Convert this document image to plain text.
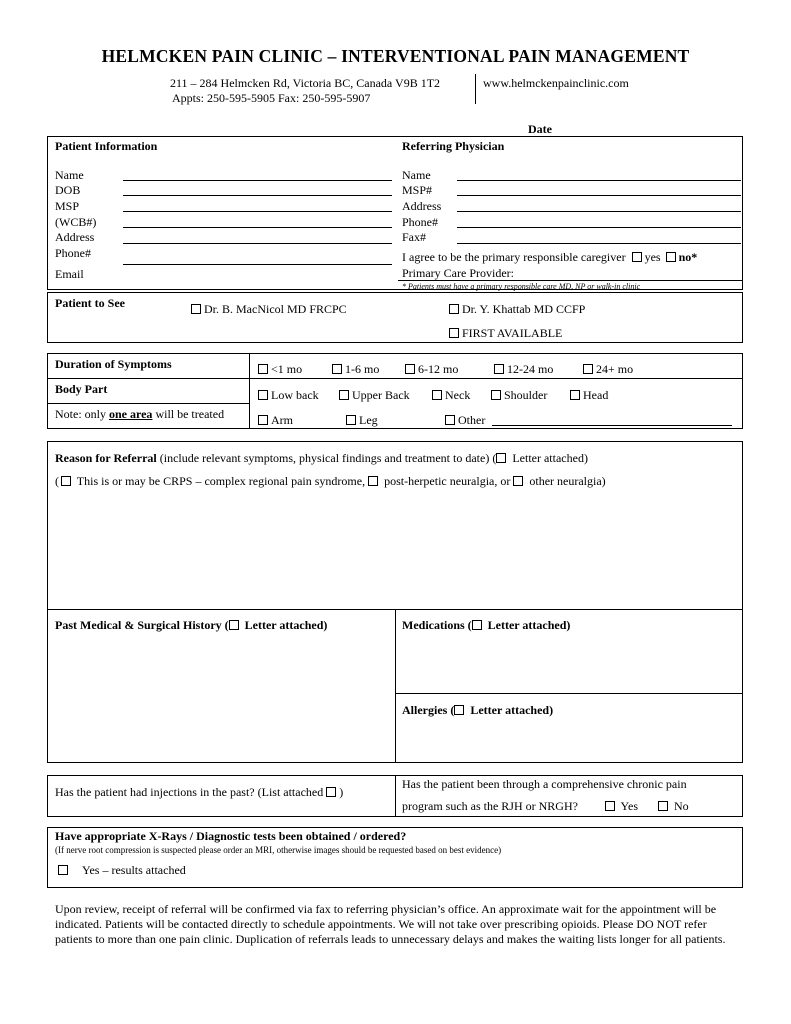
HELMCKEN PAIN CLINIC – INTERVENTIONAL PAIN MANAGEMENT
211 – 284 Helmcken Rd, Victoria BC, Canada V9B 1T2
Appts: 250-595-5905 Fax: 250-595-5907
www.helmckenpainclinic.com
Date
Patient Information	Referring Physician
Name
DOB
MSP
(WCB#)
Address
Phone#
Email
Name
MSP#
Address
Phone#
Fax#
I agree to be the primary responsible caregiver yes no*
Primary Care Provider:
* Patients must have a primary responsible care MD, NP or walk-in clinic
Patient to See	Dr. B. MacNicol MD FRCPC	Dr. Y. Khattab MD CCFP
FIRST AVAILABLE
Duration of Symptoms	<1 mo	1-6 mo	6-12 mo	12-24 mo	24+ mo
Body Part	Low back	Upper Back	Neck	Shoulder	Head
Note: only one area will be treated	Arm	Leg	Other
Reason for Referral (include relevant symptoms, physical findings and treatment to date) ( Letter attached)
( This is or may be CRPS – complex regional pain syndrome,  post-herpetic neuralgia, or  other neuralgia)
Past Medical & Surgical History ( Letter attached)	Medications ( Letter attached)
Allergies ( Letter attached)
Has the patient had injections in the past? (List attached )
Has the patient been through a comprehensive chronic pain
program such as the RJH or NRGH?	Yes	No
Have appropriate X-Rays / Diagnostic tests been obtained / ordered?
(If nerve root compression is suspected please order an MRI, otherwise images should be requested based on best evidence)
Yes – results attached
Upon review, receipt of referral will be confirmed via fax to referring physician’s office. An approximate wait for the appointment will be indicated. Patients will be contacted directly to schedule appointments. We will not take over prescribing opioids. Please DO NOT refer patients to more than one pain clinic. Duplication of referrals leads to unnecessary delays and makes the waiting lists longer for all patients.
